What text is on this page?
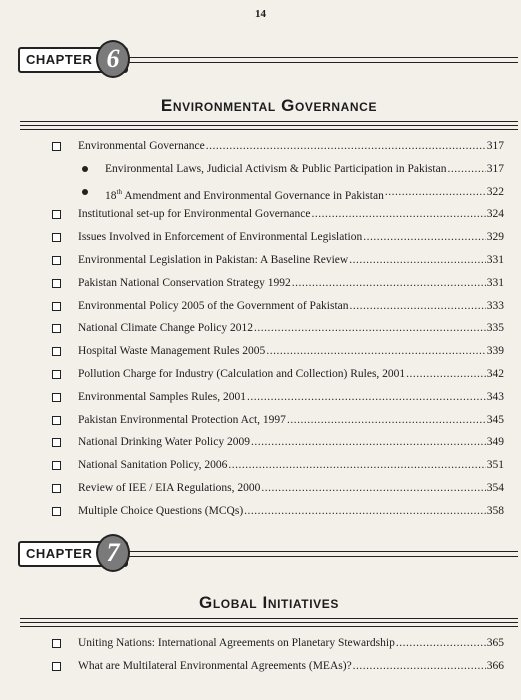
14
CHAPTER 6
Environmental Governance
Environmental Governance .....	317
Environmental Laws, Judicial Activism & Public Participation in Pakistan .....	317
18th Amendment and Environmental Governance in Pakistan .....	322
Institutional set-up for Environmental Governance .....	324
Issues Involved in Enforcement of Environmental Legislation .....	329
Environmental Legislation in Pakistan: A Baseline Review .....	331
Pakistan National Conservation Strategy 1992 .....	331
Environmental Policy 2005 of the Government of Pakistan .....	333
National Climate Change Policy 2012 .....	335
Hospital Waste Management Rules 2005 .....	339
Pollution Charge for Industry (Calculation and Collection) Rules, 2001 .....	342
Environmental Samples Rules, 2001 .....	343
Pakistan Environmental Protection Act, 1997 .....	345
National Drinking Water Policy 2009 .....	349
National Sanitation Policy, 2006 .....	351
Review of IEE / EIA Regulations, 2000 .....	354
Multiple Choice Questions (MCQs) .....	358
CHAPTER 7
Global Initiatives
Uniting Nations: International Agreements on Planetary Stewardship .....	365
What are Multilateral Environmental Agreements (MEAs)? .....	366
